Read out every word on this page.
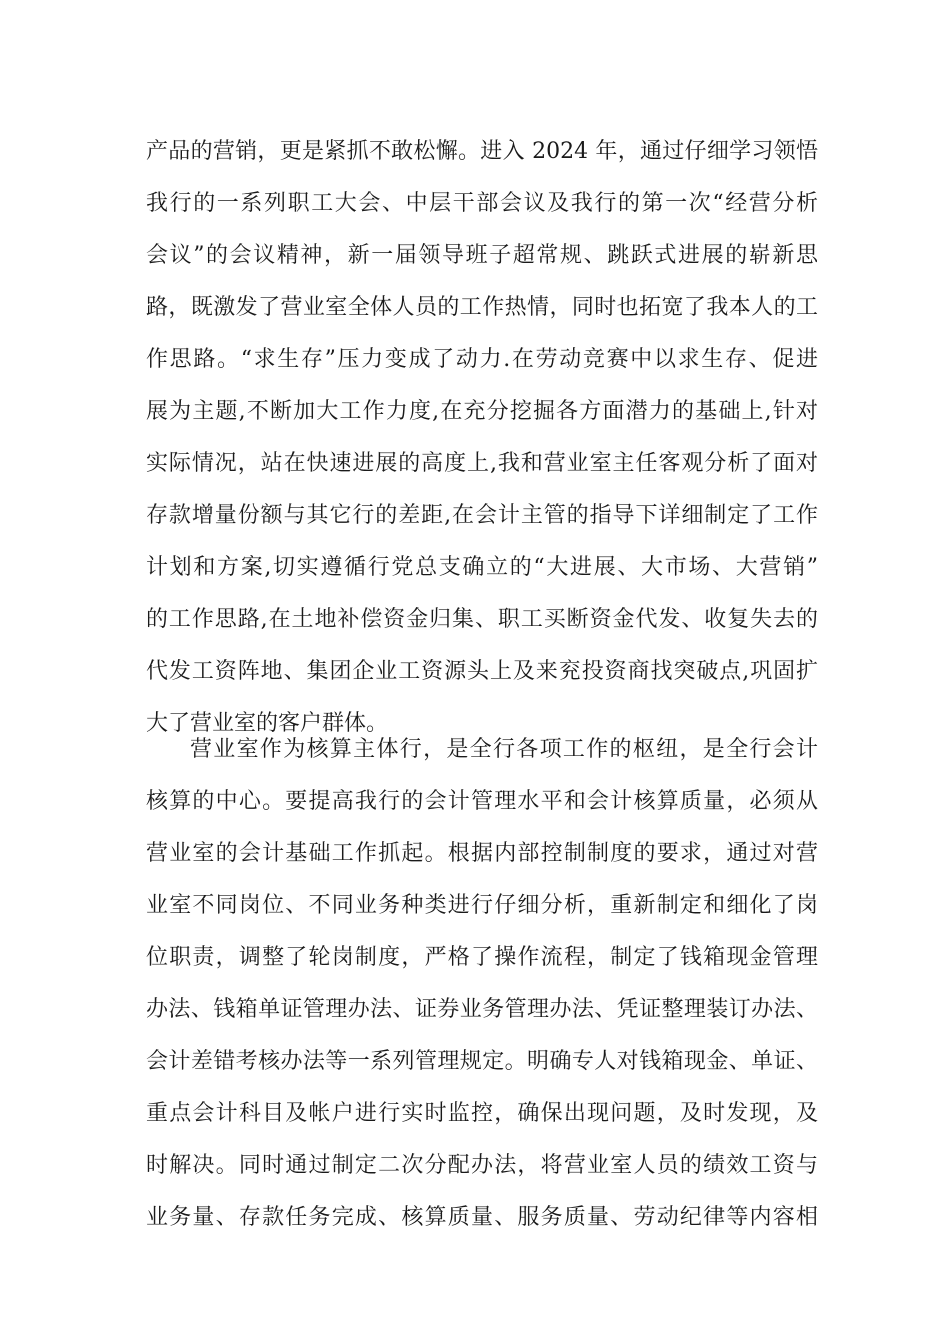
产品的营销，更是紧抓不敢松懈。进入 2024 年，通过仔细学习领悟
我行的一系列职工大会、中层干部会议及我行的第一次“经营分析
会议”的会议精神，新一届领导班子超常规、跳跃式进展的崭新思
路，既激发了营业室全体人员的工作热情，同时也拓宽了我本人的工
作思路。“求生存”压力变成了动力.在劳动竞赛中以求生存、促进
展为主题,不断加大工作力度,在充分挖掘各方面潜力的基础上,针对
实际情况，站在快速进展的高度上,我和营业室主任客观分析了面对
存款增量份额与其它行的差距,在会计主管的指导下详细制定了工作
计划和方案,切实遵循行党总支确立的“大进展、大市场、大营销”
的工作思路,在土地补偿资金归集、职工买断资金代发、收复失去的
代发工资阵地、集团企业工资源头上及来兖投资商找突破点,巩固扩
大了营业室的客户群体。
营业室作为核算主体行，是全行各项工作的枢纽，是全行会计
核算的中心。要提高我行的会计管理水平和会计核算质量，必须从
营业室的会计基础工作抓起。根据内部控制制度的要求，通过对营
业室不同岗位、不同业务种类进行仔细分析，重新制定和细化了岗
位职责，调整了轮岗制度，严格了操作流程，制定了钱箱现金管理
办法、钱箱单证管理办法、证券业务管理办法、凭证整理装订办法、
会计差错考核办法等一系列管理规定。明确专人对钱箱现金、单证、
重点会计科目及帐户进行实时监控，确保出现问题，及时发现，及
时解决。同时通过制定二次分配办法，将营业室人员的绩效工资与
业务量、存款任务完成、核算质量、服务质量、劳动纪律等内容相
